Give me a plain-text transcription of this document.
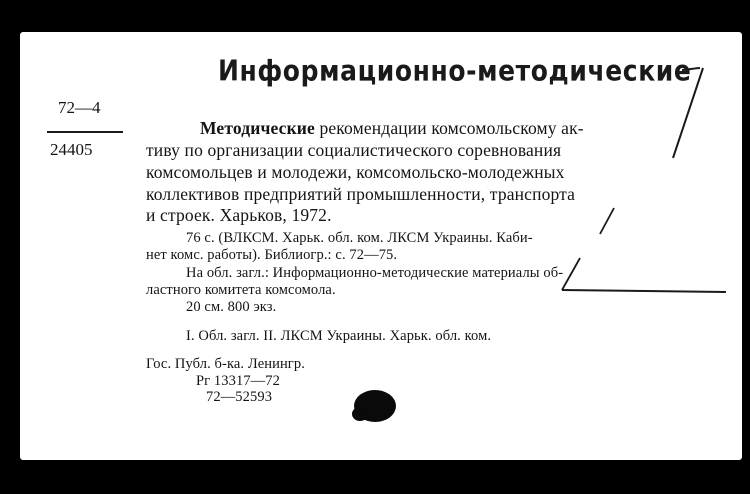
Информационно-методические
72—4
24405
Методические рекомендации комсомольскому ак-
тиву по организации социалистического соревнования
комсомольцев и молодежи, комсомольско-молодежных
коллективов предприятий промышленности, транспорта
и строек. Харьков, 1972.
76 с. (ВЛКСМ. Харьк. обл. ком. ЛКСМ Украины. Каби-
нет комс. работы). Библиогр.: с. 72—75.
На обл. загл.: Информационно-методические материалы об-
ластного комитета комсомола.
20 см. 800 экз.
I. Обл. загл. II. ЛКСМ Украины. Харьк. обл. ком.
Гос. Публ. б-ка. Ленингр.
Рг 13317—72
72—52593
